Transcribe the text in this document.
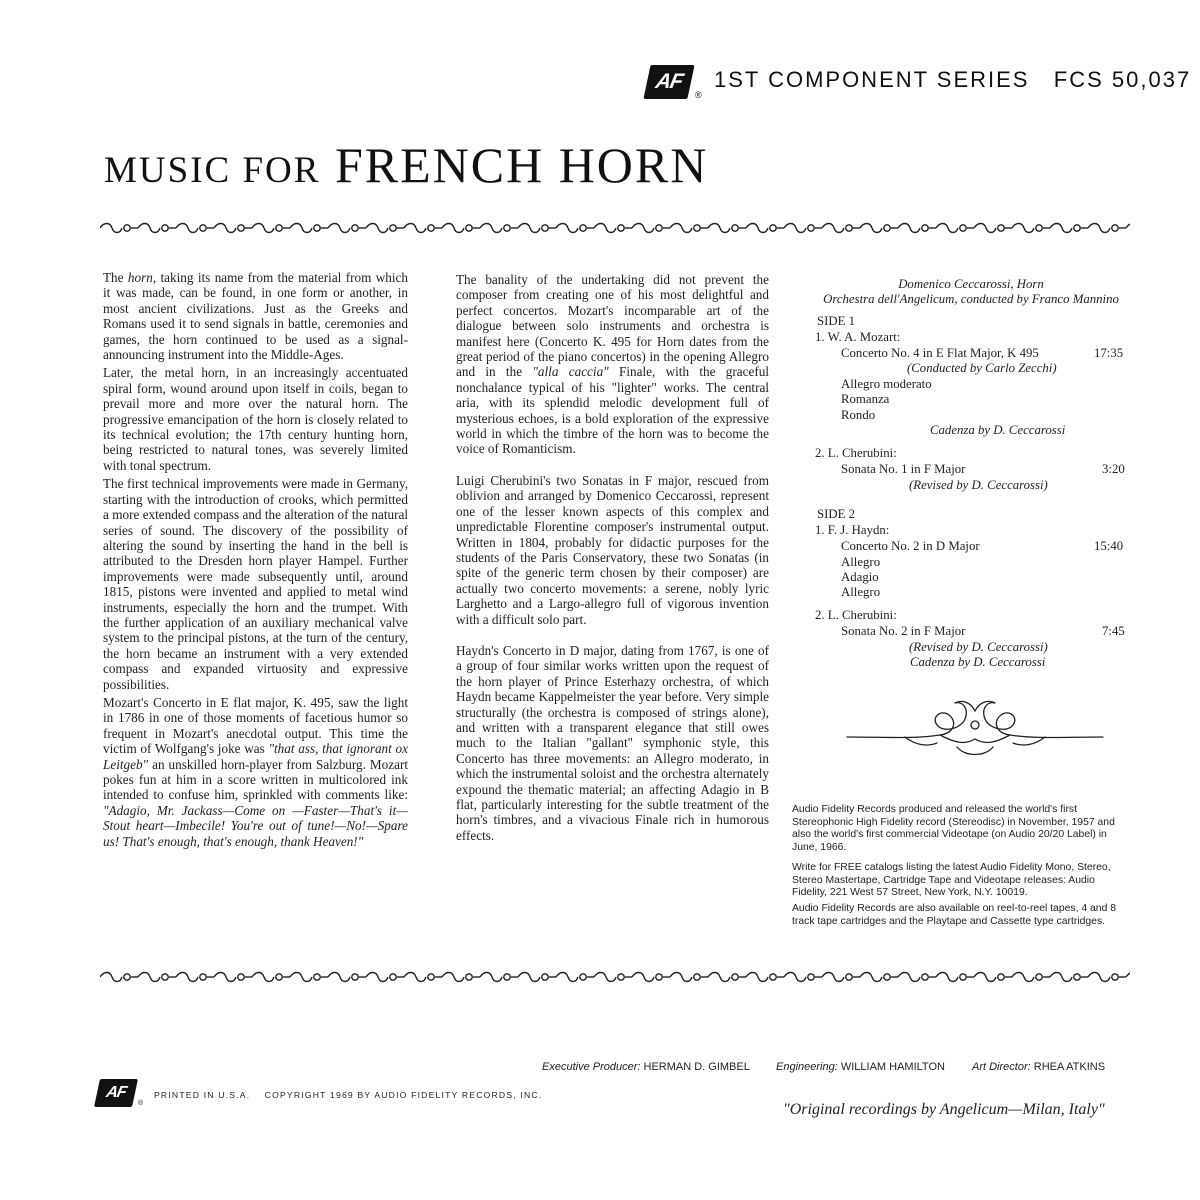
AF
®
1ST COMPONENT SERIES   FCS 50,037
MUSIC FOR FRENCH HORN

The horn, taking its name from the material from which it was made, can be found, in one form or another, in most ancient civilizations. Just as the Greeks and Romans used it to send signals in battle, ceremonies and games, the horn continued to be used as a signal-announcing instrument into the Middle-Ages.

Later, the metal horn, in an increasingly accentuated spiral form, wound around upon itself in coils, began to prevail more and more over the natural horn. The progressive emancipation of the horn is closely related to its technical evolution; the 17th century hunting horn, being restricted to natural tones, was severely limited with tonal spectrum.

The first technical improvements were made in Germany, starting with the introduction of crooks, which permitted a more extended compass and the alteration of the natural series of sound. The discovery of the possibility of altering the sound by inserting the hand in the bell is attributed to the Dresden horn player Hampel. Further improvements were made subsequently until, around 1815, pistons were invented and applied to metal wind instruments, especially the horn and the trumpet. With the further application of an auxiliary mechanical valve system to the principal pistons, at the turn of the century, the horn became an instrument with a very extended compass and expanded virtuosity and expressive possibilities.

Mozart's Concerto in E flat major, K. 495, saw the light in 1786 in one of those moments of facetious humor so frequent in Mozart's anecdotal output. This time the victim of Wolfgang's joke was "that ass, that ignorant ox Leitgeb" an unskilled horn-player from Salzburg. Mozart pokes fun at him in a score written in multicolored ink intended to confuse him, sprinkled with comments like: "Adagio, Mr. Jackass—Come on —Faster—That's it—Stout heart—Imbecile! You're out of tune!—No!—Spare us! That's enough, that's enough, thank Heaven!"

The banality of the undertaking did not prevent the composer from creating one of his most delightful and perfect concertos. Mozart's incomparable art of the dialogue between solo instruments and orchestra is manifest here (Concerto K. 495 for Horn dates from the great period of the piano concertos) in the opening Allegro and in the "alla caccia" Finale, with the graceful nonchalance typical of his "lighter" works. The central aria, with its splendid melodic development full of mysterious echoes, is a bold exploration of the expressive world in which the timbre of the horn was to become the voice of Romanticism.

Luigi Cherubini's two Sonatas in F major, rescued from oblivion and arranged by Domenico Ceccarossi, represent one of the lesser known aspects of this complex and unpredictable Florentine composer's instrumental output. Written in 1804, probably for didactic purposes for the students of the Paris Conservatory, these two Sonatas (in spite of the generic term chosen by their composer) are actually two concerto movements: a serene, nobly lyric Larghetto and a Largo-allegro full of vigorous invention with a difficult solo part.

Haydn's Concerto in D major, dating from 1767, is one of a group of four similar works written upon the request of the horn player of Prince Esterhazy orchestra, of which Haydn became Kappelmeister the year before. Very simple structurally (the orchestra is composed of strings alone), and written with a transparent elegance that still owes much to the Italian "gallant" symphonic style, this Concerto has three movements: an Allegro moderato, in which the instrumental soloist and the orchestra alternately expound the thematic material; an affecting Adagio in B flat, particularly interesting for the subtle treatment of the horn's timbres, and a vivacious Finale rich in humorous effects.

Domenico Ceccarossi, Horn
Orchestra dell'Angelicum, conducted by Franco Mannino
SIDE 1
1. W. A. Mozart:
Concerto No. 4 in E Flat Major, K 495	17:35
(Conducted by Carlo Zecchi)
Allegro moderato
Romanza
Rondo
Cadenza by D. Ceccarossi
2. L. Cherubini:
Sonata No. 1 in F Major	3:20
(Revised by D. Ceccarossi)
SIDE 2
1. F. J. Haydn:
Concerto No. 2 in D Major	15:40
Allegro
Adagio
Allegro
2. L. Cherubini:
Sonata No. 2 in F Major	7:45
(Revised by D. Ceccarossi)
Cadenza by D. Ceccarossi
Audio Fidelity Records produced and released the world's first Stereophonic High Fidelity record (Stereodisc) in November, 1957 and also the world's first commercial Videotape (on Audio 20/20 Label) in June, 1966.
Write for FREE catalogs listing the latest Audio Fidelity Mono, Stereo, Stereo Mastertape, Cartridge Tape and Videotape releases: Audio Fidelity, 221 West 57 Street, New York, N.Y. 10019.
Audio Fidelity Records are also available on reel-to-reel tapes, 4 and 8 track tape cartridges and the Playtape and Cassette type cartridges.
Executive Producer: HERMAN D. GIMBEL Engineering: WILLIAM HAMILTON Art Director: RHEA ATKINS
AF
®
PRINTED IN U.S.A.    COPYRIGHT 1969 BY AUDIO FIDELITY RECORDS, INC.
"Original recordings by Angelicum—Milan, Italy"
